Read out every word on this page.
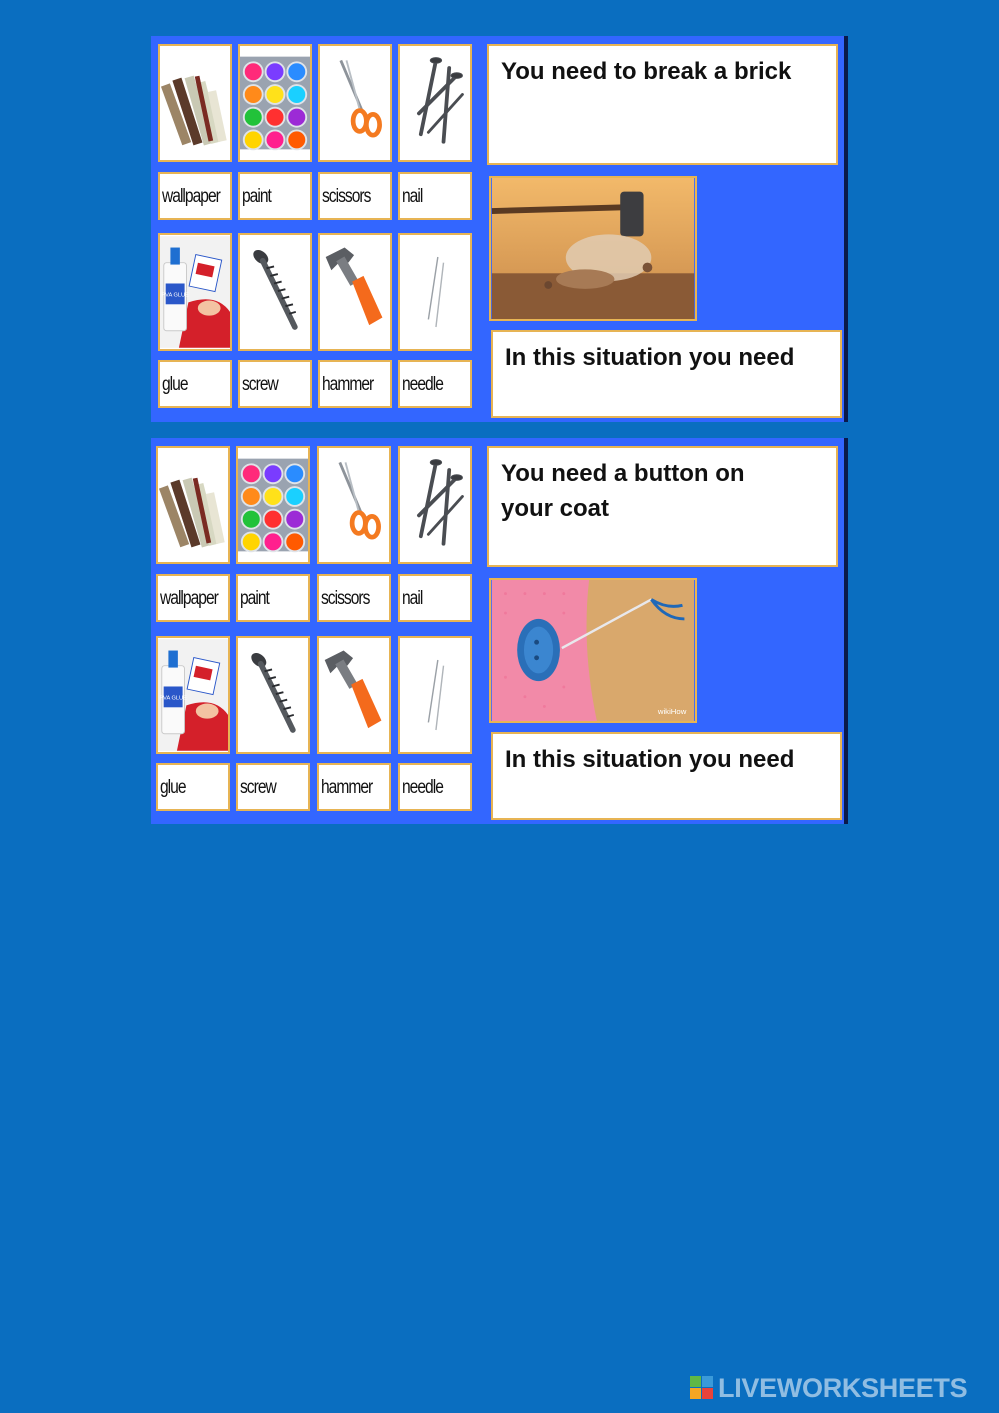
wallpaper paint	scissors nail
PVA GLUE
glue	screw hammer needle
You need to break a brick
In this situation you need
wallpaper paint	scissors nail
PVA GLUE
glue	screw hammer needle
You need a button on your coat
wikiHow
In this situation you need
LIVEWORKSHEETS
